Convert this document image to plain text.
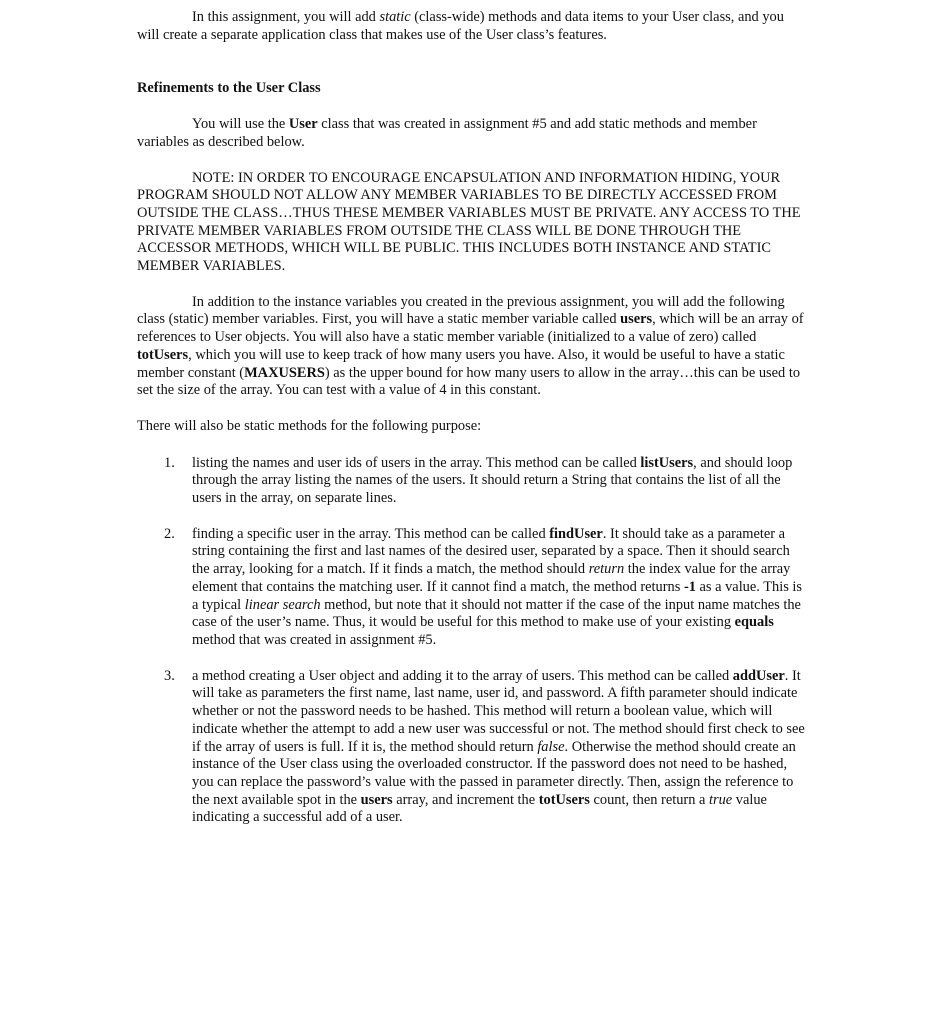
In this assignment, you will add static (class-wide) methods and data items to your User class, and you will create a separate application class that makes use of the User class’s features.

Refinements to the User Class

You will use the User class that was created in assignment #5 and add static methods and member variables as described below.

NOTE: IN ORDER TO ENCOURAGE ENCAPSULATION AND INFORMATION HIDING, YOUR PROGRAM SHOULD NOT ALLOW ANY MEMBER VARIABLES TO BE DIRECTLY ACCESSED FROM OUTSIDE THE CLASS…THUS THESE MEMBER VARIABLES MUST BE PRIVATE. ANY ACCESS TO THE PRIVATE MEMBER VARIABLES FROM OUTSIDE THE CLASS WILL BE DONE THROUGH THE ACCESSOR METHODS, WHICH WILL BE PUBLIC. THIS INCLUDES BOTH INSTANCE AND STATIC MEMBER VARIABLES.

In addition to the instance variables you created in the previous assignment, you will add the following class (static) member variables. First, you will have a static member variable called users, which will be an array of references to User objects. You will also have a static member variable (initialized to a value of zero) called totUsers, which you will use to keep track of how many users you have. Also, it would be useful to have a static member constant (MAXUSERS) as the upper bound for how many users to allow in the array…this can be used to set the size of the array. You can test with a value of 4 in this constant.

There will also be static methods for the following purpose:

1. listing the names and user ids of users in the array. This method can be called listUsers, and should loop through the array listing the names of the users. It should return a String that contains the list of all the users in the array, on separate lines.
2. finding a specific user in the array. This method can be called findUser. It should take as a parameter a string containing the first and last names of the desired user, separated by a space. Then it should search the array, looking for a match. If it finds a match, the method should return the index value for the array element that contains the matching user. If it cannot find a match, the method returns -1 as a value. This is a typical linear search method, but note that it should not matter if the case of the input name matches the case of the user’s name. Thus, it would be useful for this method to make use of your existing equals method that was created in assignment #5.
3. a method creating a User object and adding it to the array of users. This method can be called addUser. It will take as parameters the first name, last name, user id, and password. A fifth parameter should indicate whether or not the password needs to be hashed. This method will return a boolean value, which will indicate whether the attempt to add a new user was successful or not. The method should first check to see if the array of users is full. If it is, the method should return false. Otherwise the method should create an instance of the User class using the overloaded constructor. If the password does not need to be hashed, you can replace the password’s value with the passed in parameter directly. Then, assign the reference to the next available spot in the users array, and increment the totUsers count, then return a true value indicating a successful add of a user.
